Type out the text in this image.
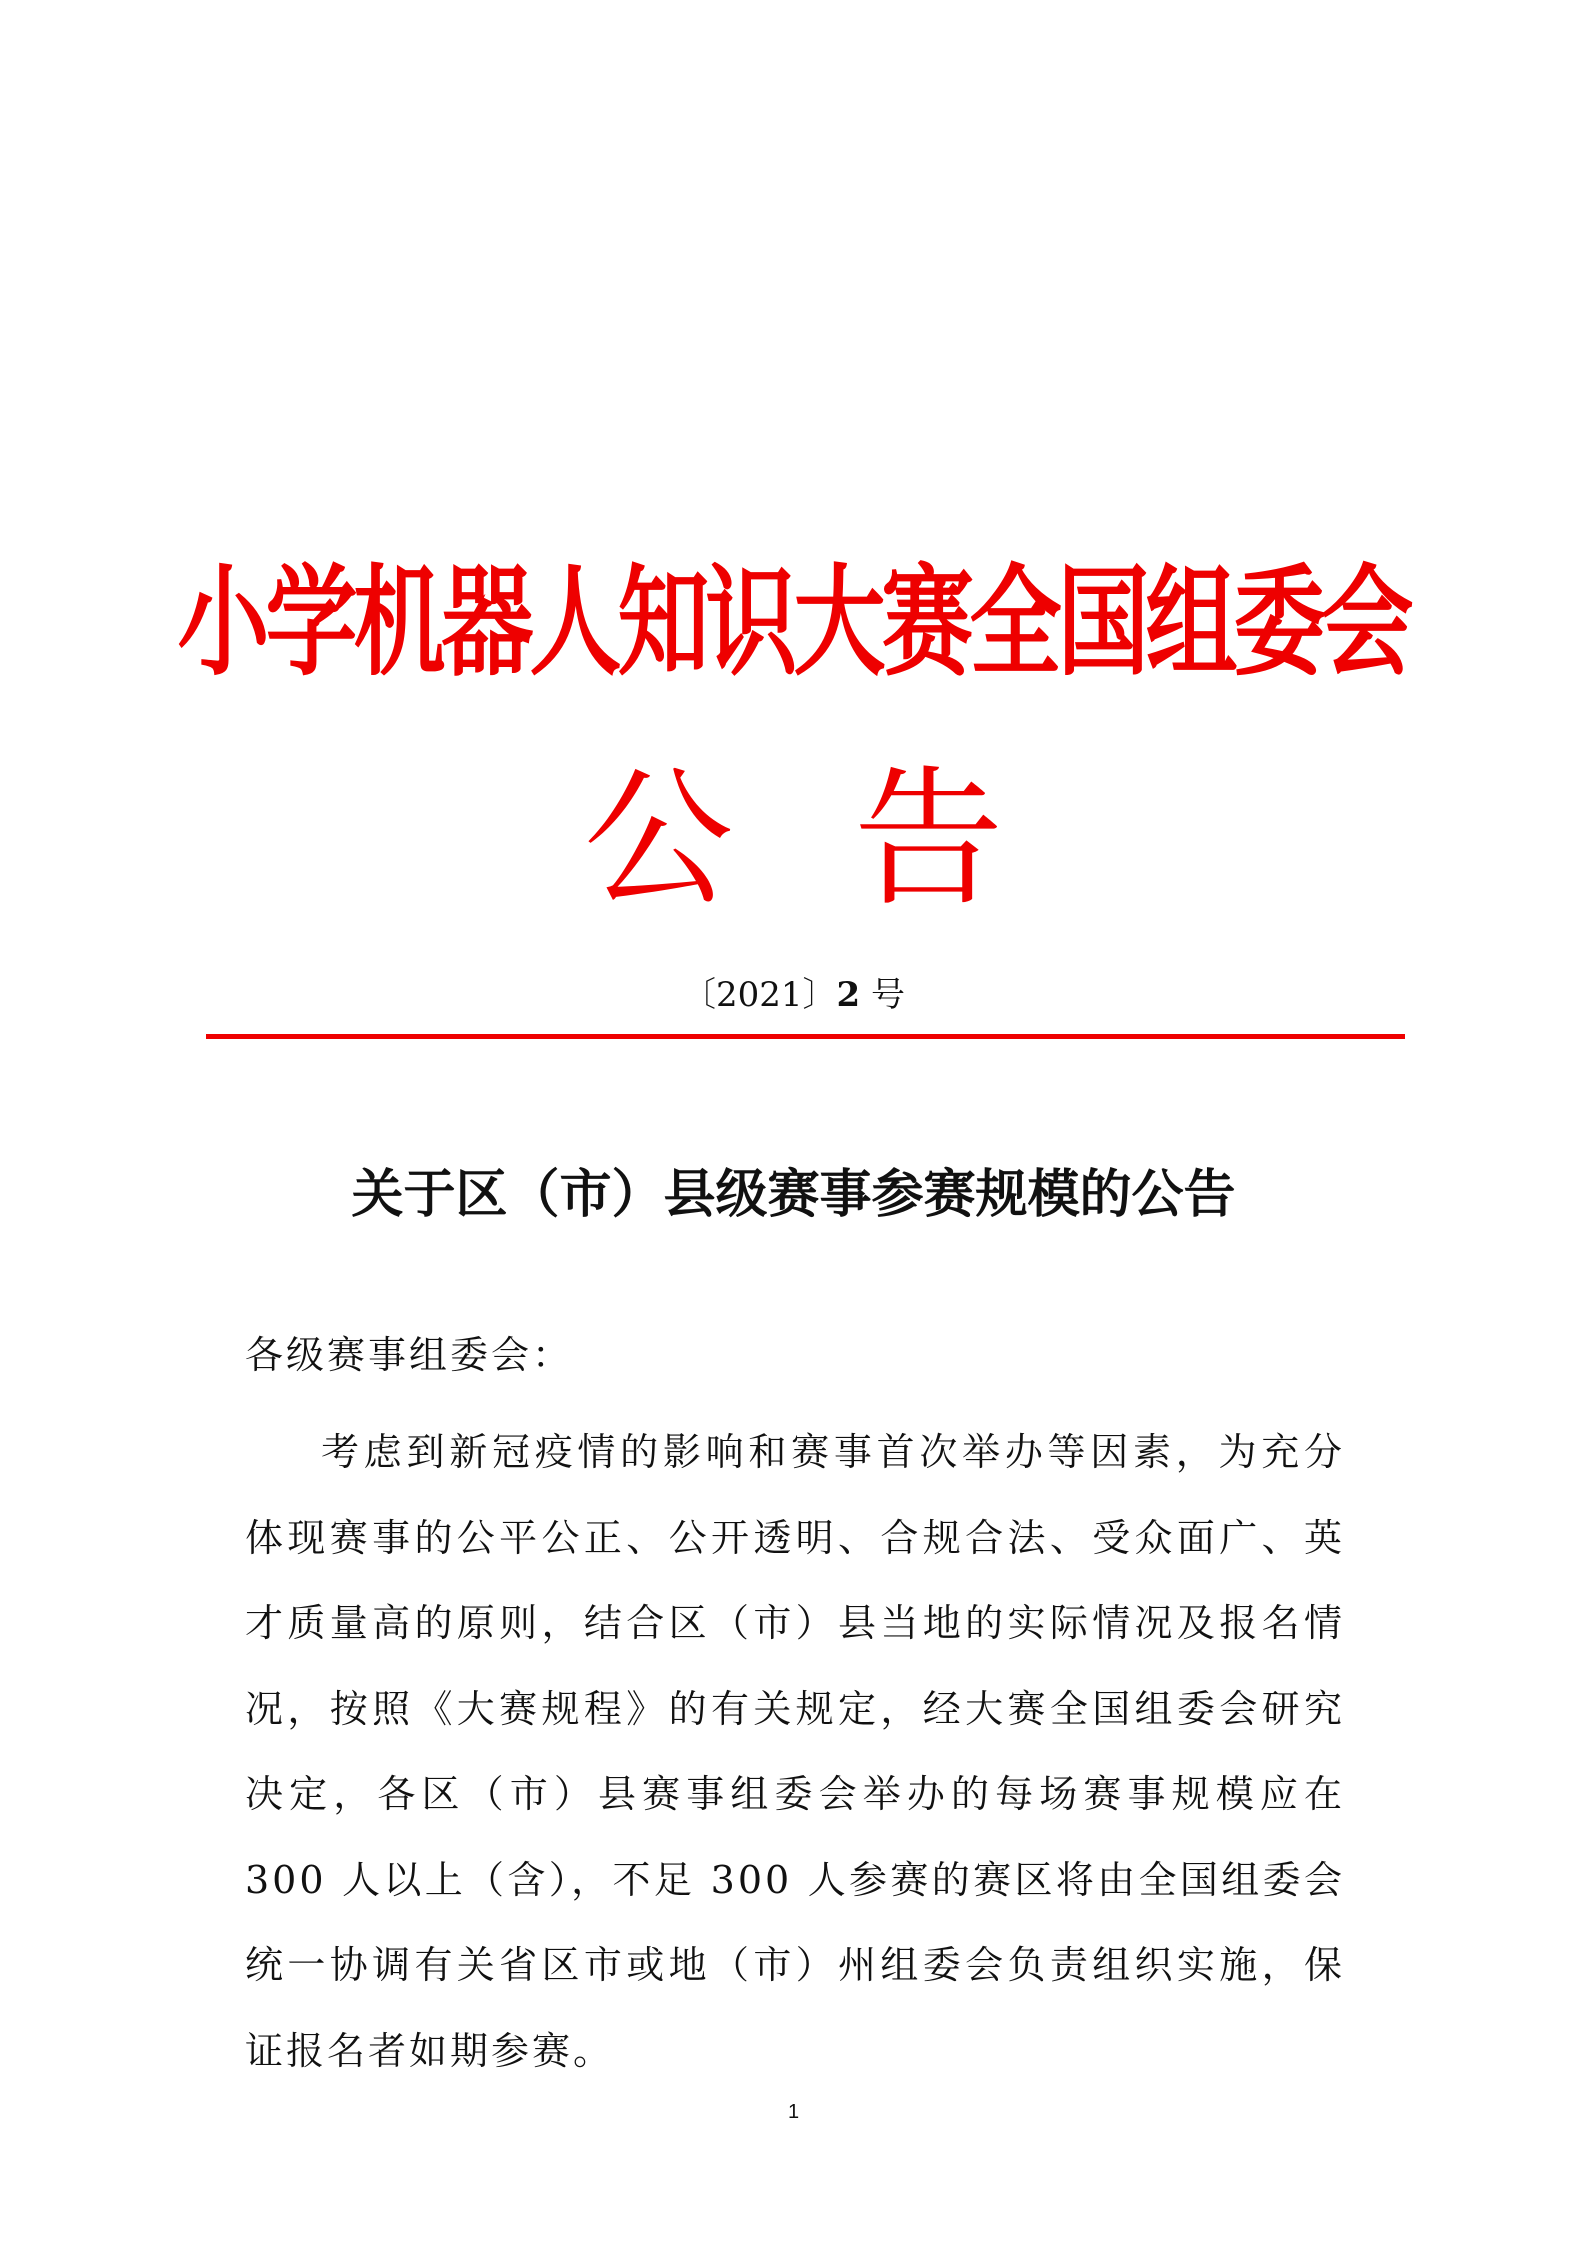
小学机器人知识大赛全国组委会
公 告
〔2021〕2 号
关于区（市）县级赛事参赛规模的公告
各级赛事组委会：

考虑到新冠疫情的影响和赛事首次举办等因素，为充分体现赛事的公平公正、公开透明、合规合法、受众面广、英才质量高的原则，结合区（市）县当地的实际情况及报名情况，按照《大赛规程》的有关规定，经大赛全国组委会研究决定，各区（市）县赛事组委会举办的每场赛事规模应在 300 人以上（含），不足 300 人参赛的赛区将由全国组委会统一协调有关省区市或地（市）州组委会负责组织实施，保证报名者如期参赛。

1
